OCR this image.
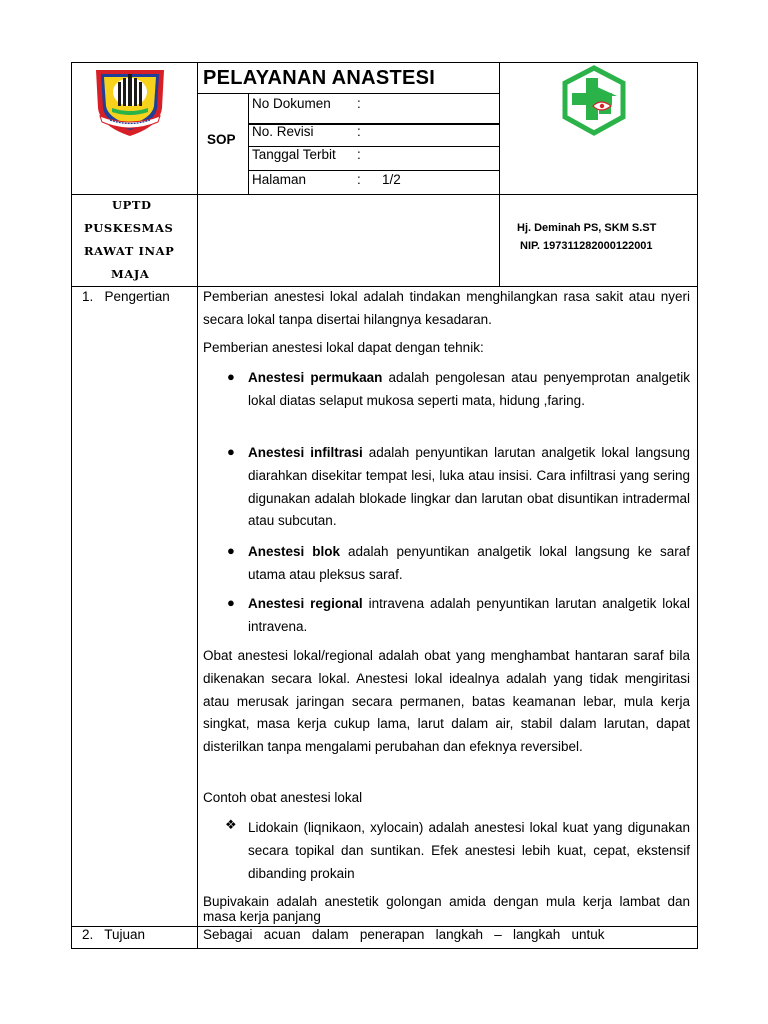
PELAYANAN ANASTESI
SOP
No Dokumen :
No. Revisi	:
Tanggal Terbit :
Halaman	: 1/2
UPTD
PUSKESMAS
RAWAT INAP
MAJA
Hj. Deminah PS, SKM S.ST
NIP. 197311282000122001
1.   Pengertian Pemberian anestesi lokal adalah tindakan menghilangkan rasa sakit atau nyeri secara lokal tanpa disertai hilangnya kesadaran.
Pemberian anestesi lokal dapat dengan tehnik:
● Anestesi permukaan adalah pengolesan atau penyemprotan analgetik lokal diatas selaput mukosa seperti mata, hidung ,faring.
● Anestesi infiltrasi adalah penyuntikan larutan analgetik lokal langsung diarahkan disekitar tempat lesi, luka atau insisi. Cara infiltrasi yang sering digunakan adalah blokade lingkar dan larutan obat disuntikan intradermal atau subcutan.
● Anestesi blok adalah penyuntikan analgetik lokal langsung ke saraf utama atau pleksus saraf.
● Anestesi regional intravena adalah penyuntikan larutan analgetik lokal intravena.
Obat anestesi lokal/regional adalah obat yang menghambat hantaran saraf bila dikenakan secara lokal. Anestesi lokal idealnya adalah yang tidak mengiritasi atau merusak jaringan secara permanen, batas keamanan lebar, mula kerja singkat, masa kerja cukup lama, larut dalam air, stabil dalam larutan, dapat disterilkan tanpa mengalami perubahan dan efeknya reversibel.
Contoh obat anestesi lokal
❖ Lidokain (liqnikaon, xylocain) adalah anestesi lokal kuat yang digunakan secara topikal dan suntikan. Efek anestesi lebih kuat, cepat, ekstensif dibanding prokain
Bupivakain adalah anestetik golongan amida dengan mula kerja lambat dan masa kerja panjang
2.   Tujuan	Sebagai   acuan   dalam   penerapan   langkah   –   langkah   untuk
